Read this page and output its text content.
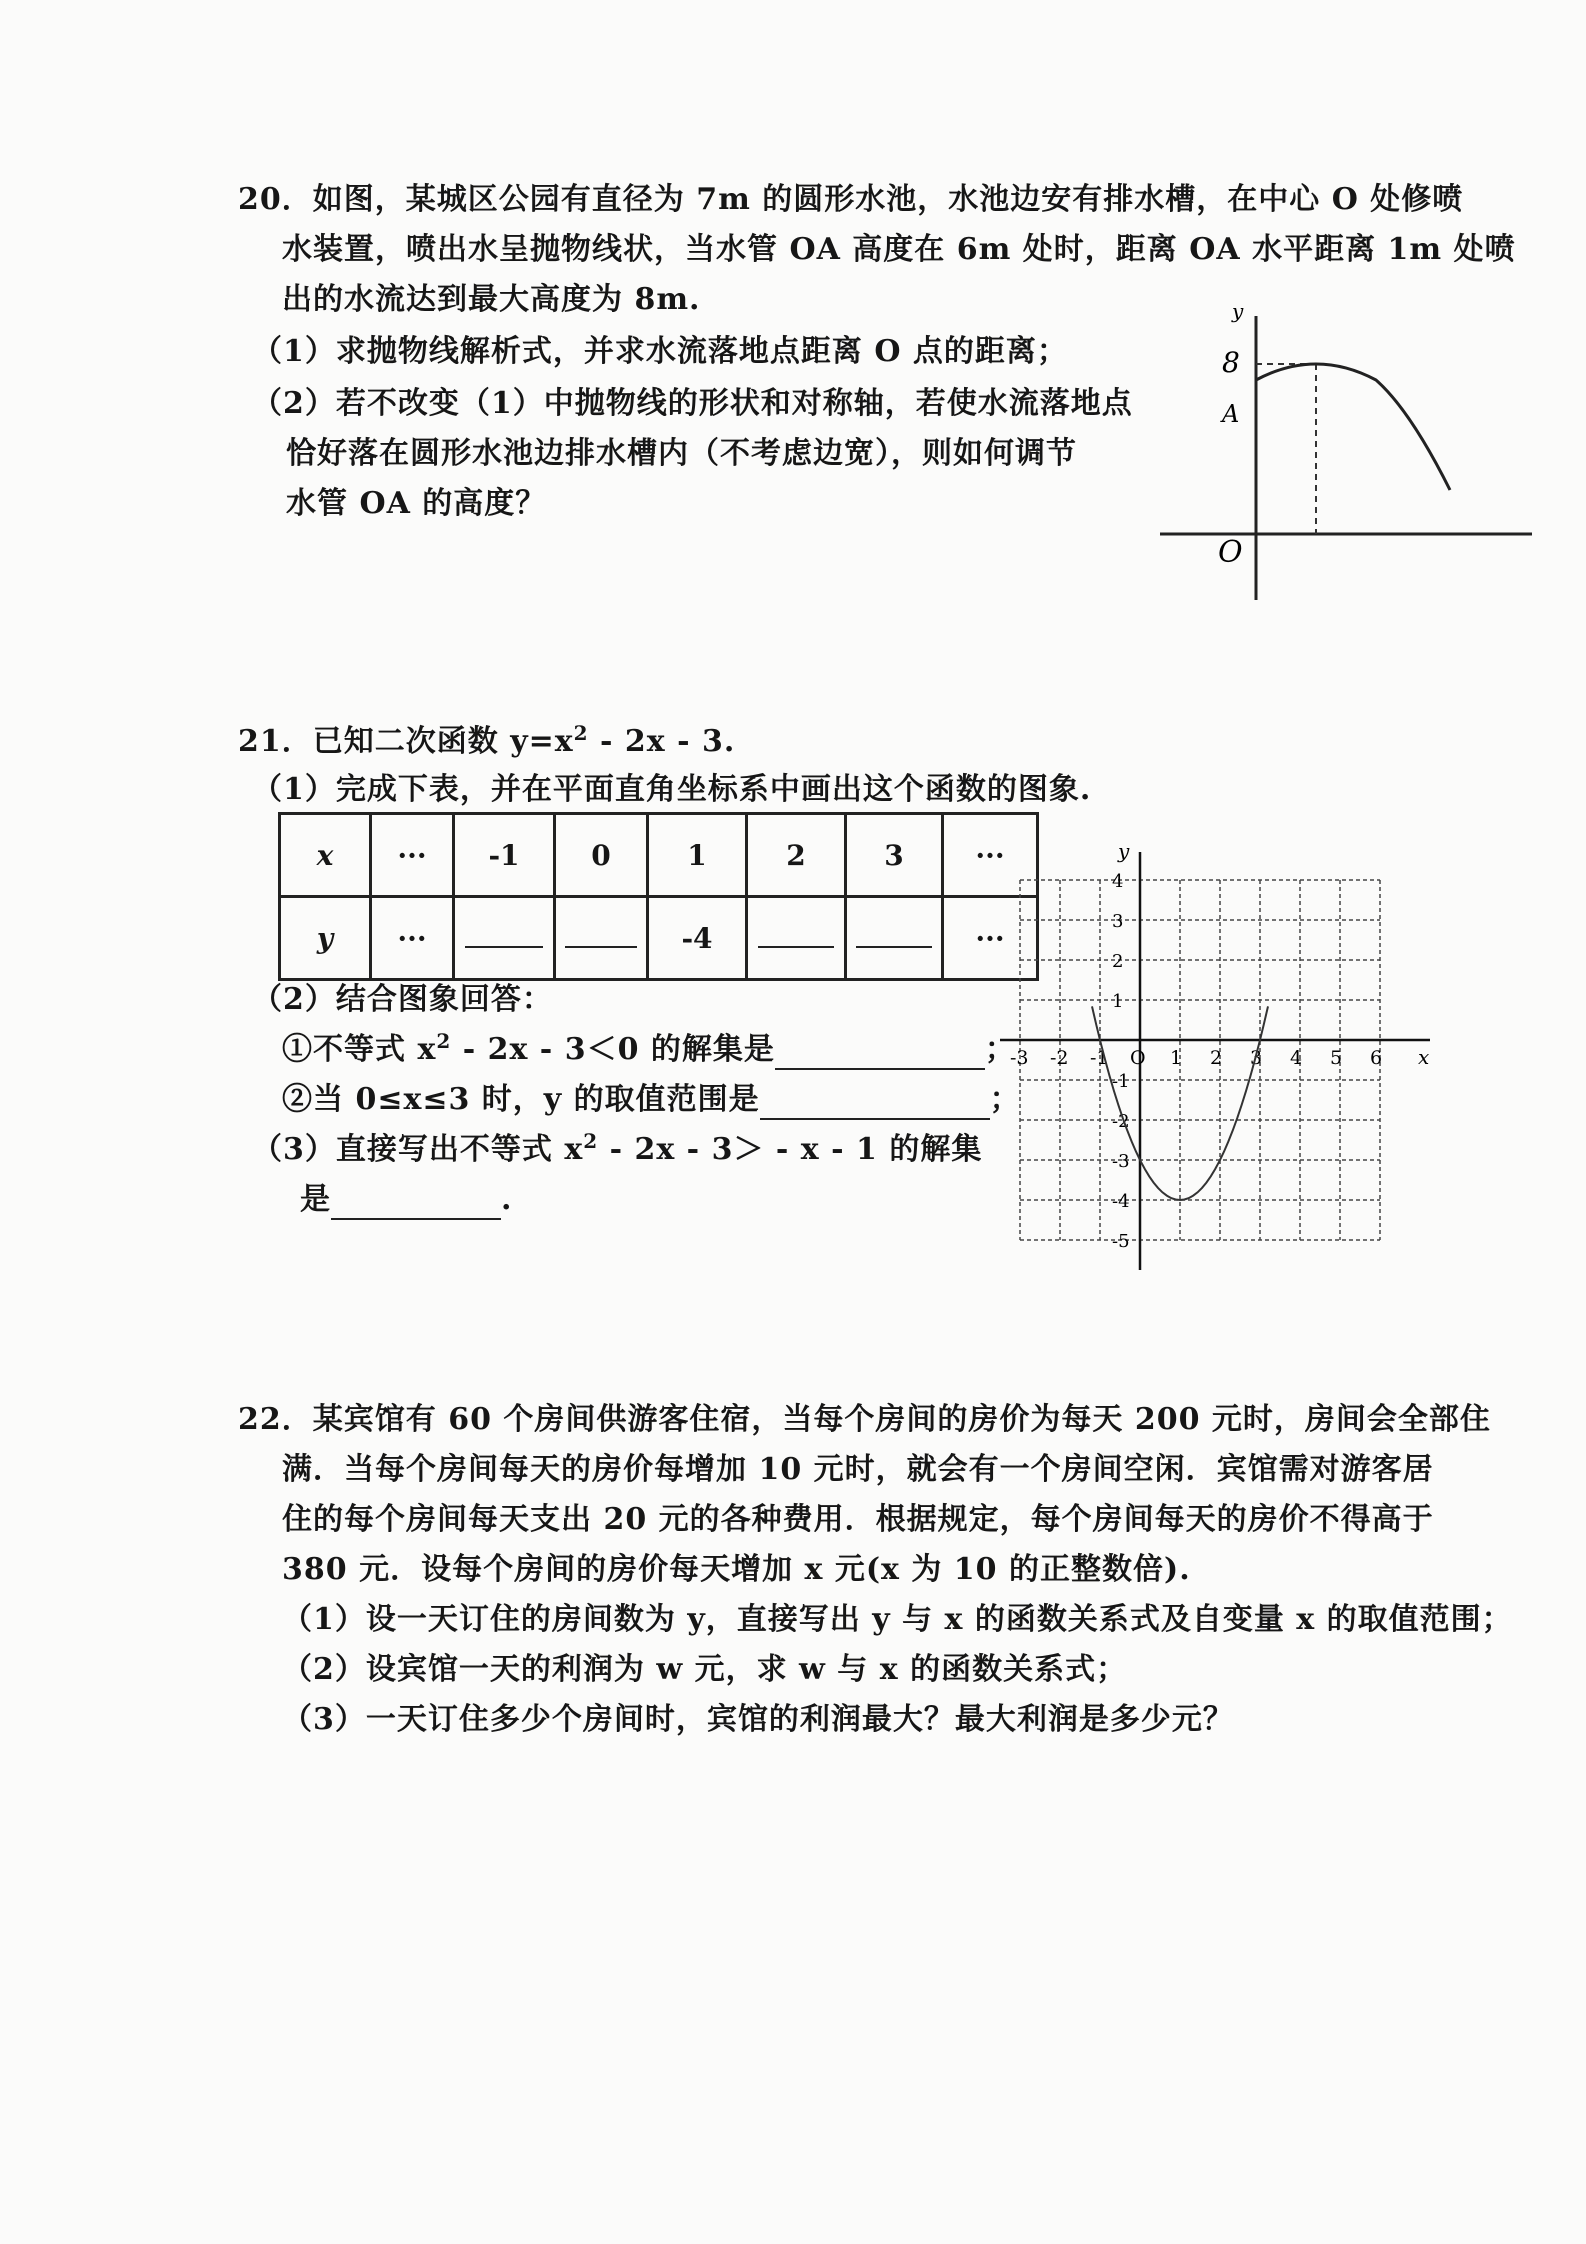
20．如图，某城区公园有直径为 7m 的圆形水池，水池边安有排水槽，在中心 O 处修喷
水装置，喷出水呈抛物线状，当水管 OA 高度在 6m 处时，距离 OA 水平距离 1m 处喷
出的水流达到最大高度为 8m.
（1）求抛物线解析式，并求水流落地点距离 O 点的距离；
（2）若不改变（1）中抛物线的形状和对称轴，若使水流落地点
恰好落在圆形水池边排水槽内（不考虑边宽），则如何调节
水管 OA 的高度？
y
8
A
O
21．已知二次函数 $y=x^2 - 2x - 3$.
（1）完成下表，并在平面直角坐标系中画出这个函数的图象.
x	···	-1	0	1	2	3	···
y	···			-4			···
（2）结合图象回答：
①不等式 $x^2 - 2x - 3<0$ 的解集是	；
②当 0≤x≤3 时，y 的取值范围是	；
（3）直接写出不等式 $x^2 - 2x - 3> - x - 1$ 的解集
是	.
x
y
-3 -2 -1 O 1 2 3 4 5 6
4
3
2
1
-1
-2
-3
-4
-5
22．某宾馆有 60 个房间供游客住宿，当每个房间的房价为每天 200 元时，房间会全部住
满．当每个房间每天的房价每增加 10 元时，就会有一个房间空闲．宾馆需对游客居
住的每个房间每天支出 20 元的各种费用．根据规定，每个房间每天的房价不得高于
380 元．设每个房间的房价每天增加 x 元(x 为 10 的正整数倍).
（1）设一天订住的房间数为 y，直接写出 y 与 x 的函数关系式及自变量 x 的取值范围；
（2）设宾馆一天的利润为 w 元，求 w 与 x 的函数关系式；
（3）一天订住多少个房间时，宾馆的利润最大？最大利润是多少元？
